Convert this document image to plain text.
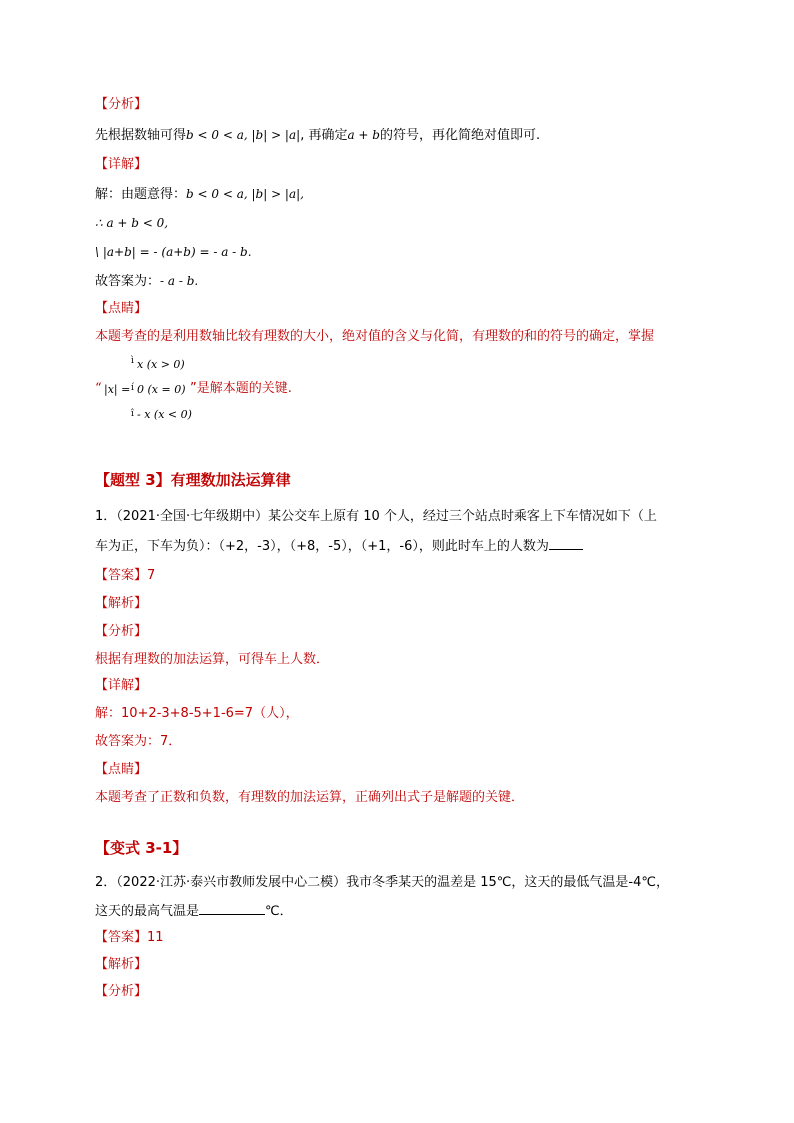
【分析】
先根据数轴可得b < 0 < a, |b| > |a|, 再确定a + b的符号，再化简绝对值即可.
【详解】
解：由题意得：b < 0 < a, |b| > |a|,
∴ a + b < 0,
\ |a+b| = - (a+b) = - a - b.
故答案为：- a - b.
【点睛】
本题考查的是利用数轴比较有理数的大小，绝对值的含义与化简，有理数的和的符号的确定，掌握
“ |x| =
ì
í
î
x (x > 0)
0 (x = 0)
- x (x < 0)
”是解本题的关键.
【题型 3】有理数加法运算律
1．（2021·全国·七年级期中）某公交车上原有 10 个人，经过三个站点时乘客上下车情况如下（上
车为正，下车为负）：（+2，-3），（+8，-5），（+1，-6），则此时车上的人数为
【答案】7
【解析】
【分析】
根据有理数的加法运算，可得车上人数．
【详解】
解：10+2-3+8-5+1-6=7（人），
故答案为：7．
【点睛】
本题考查了正数和负数，有理数的加法运算，正确列出式子是解题的关键．
【变式 3-1】
2．（2022·江苏·泰兴市教师发展中心二模）我市冬季某天的温差是 15℃，这天的最低气温是-4℃，
这天的最高气温是	℃．
【答案】11
【解析】
【分析】
